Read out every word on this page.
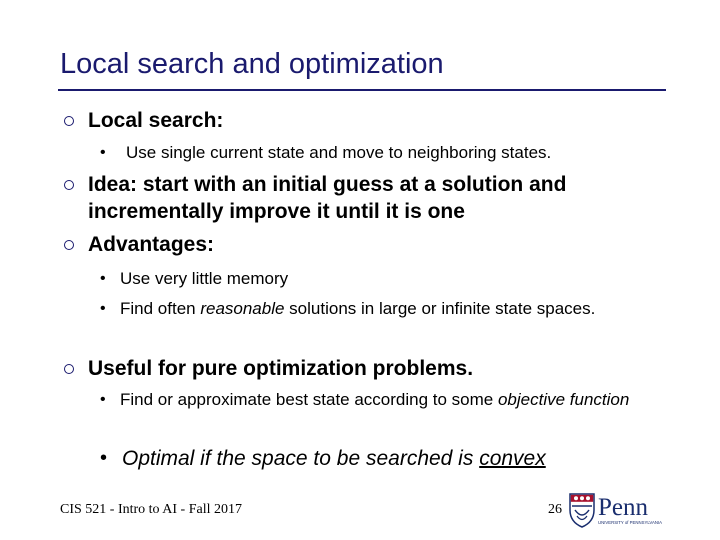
Local search and optimization
Local search:
• Use single current state and move to neighboring states.
Idea: start with an initial guess at a solution and incrementally improve it until it is one
Advantages:
• Use very little memory
• Find often reasonable solutions in large or infinite state spaces.
Useful for pure optimization problems.
• Find or approximate best state according to some objective function
• Optimal if the space to be searched is convex
CIS 521 - Intro to AI - Fall 2017	26 Penn
UNIVERSITY of PENNSYLVANIA
